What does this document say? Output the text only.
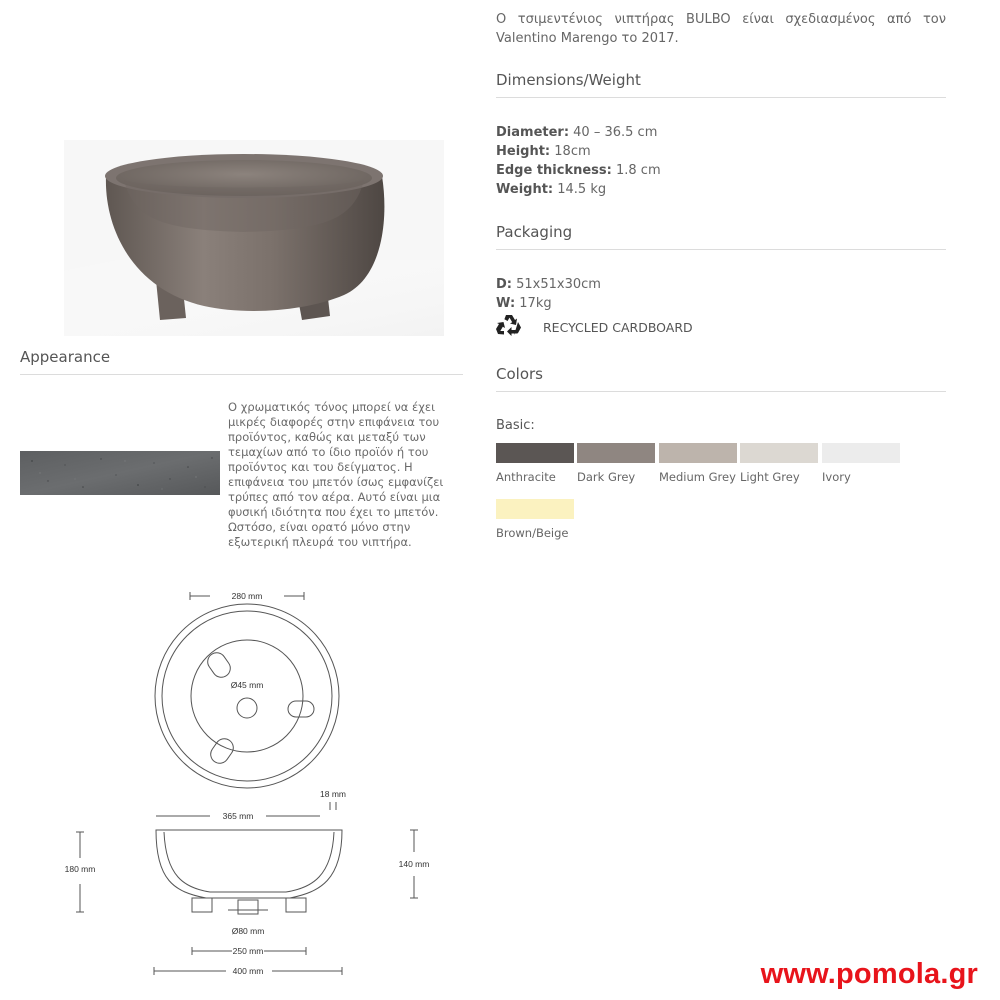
Appearance
Ο χρωματικός τόνος μπορεί να έχει μικρές διαφορές στην επιφάνεια του προϊόντος, καθώς και μεταξύ των τεμαχίων από το ίδιο προϊόν ή του προϊόντος και του δείγματος. Η επιφάνεια του μπετόν ίσως εμφανίζει τρύπες από τον αέρα. Αυτό είναι μια φυσική ιδιότητα που έχει το μπετόν. Ωστόσο, είναι ορατό μόνο στην εξωτερική πλευρά του νιπτήρα.
280 mm
Ø45 mm
18 mm
365 mm
180 mm	140 mm
Ø80 mm
250 mm
400 mm
Ο τσιμεντένιος νιπτήρας BULBO είναι σχεδιασμένος από τον Valentino Marengo το 2017.
Dimensions/Weight
Diameter: 40 – 36.5 cm
Height: 18cm
Edge thickness: 1.8 cm
Weight: 14.5 kg
Packaging
D: 51x51x30cm
W: 17kg
RECYCLED CARDBOARD
Colors
Basic:
Anthracite Dark Grey Medium Grey Light Grey Ivory
Brown/Beige
www.pomola.gr
